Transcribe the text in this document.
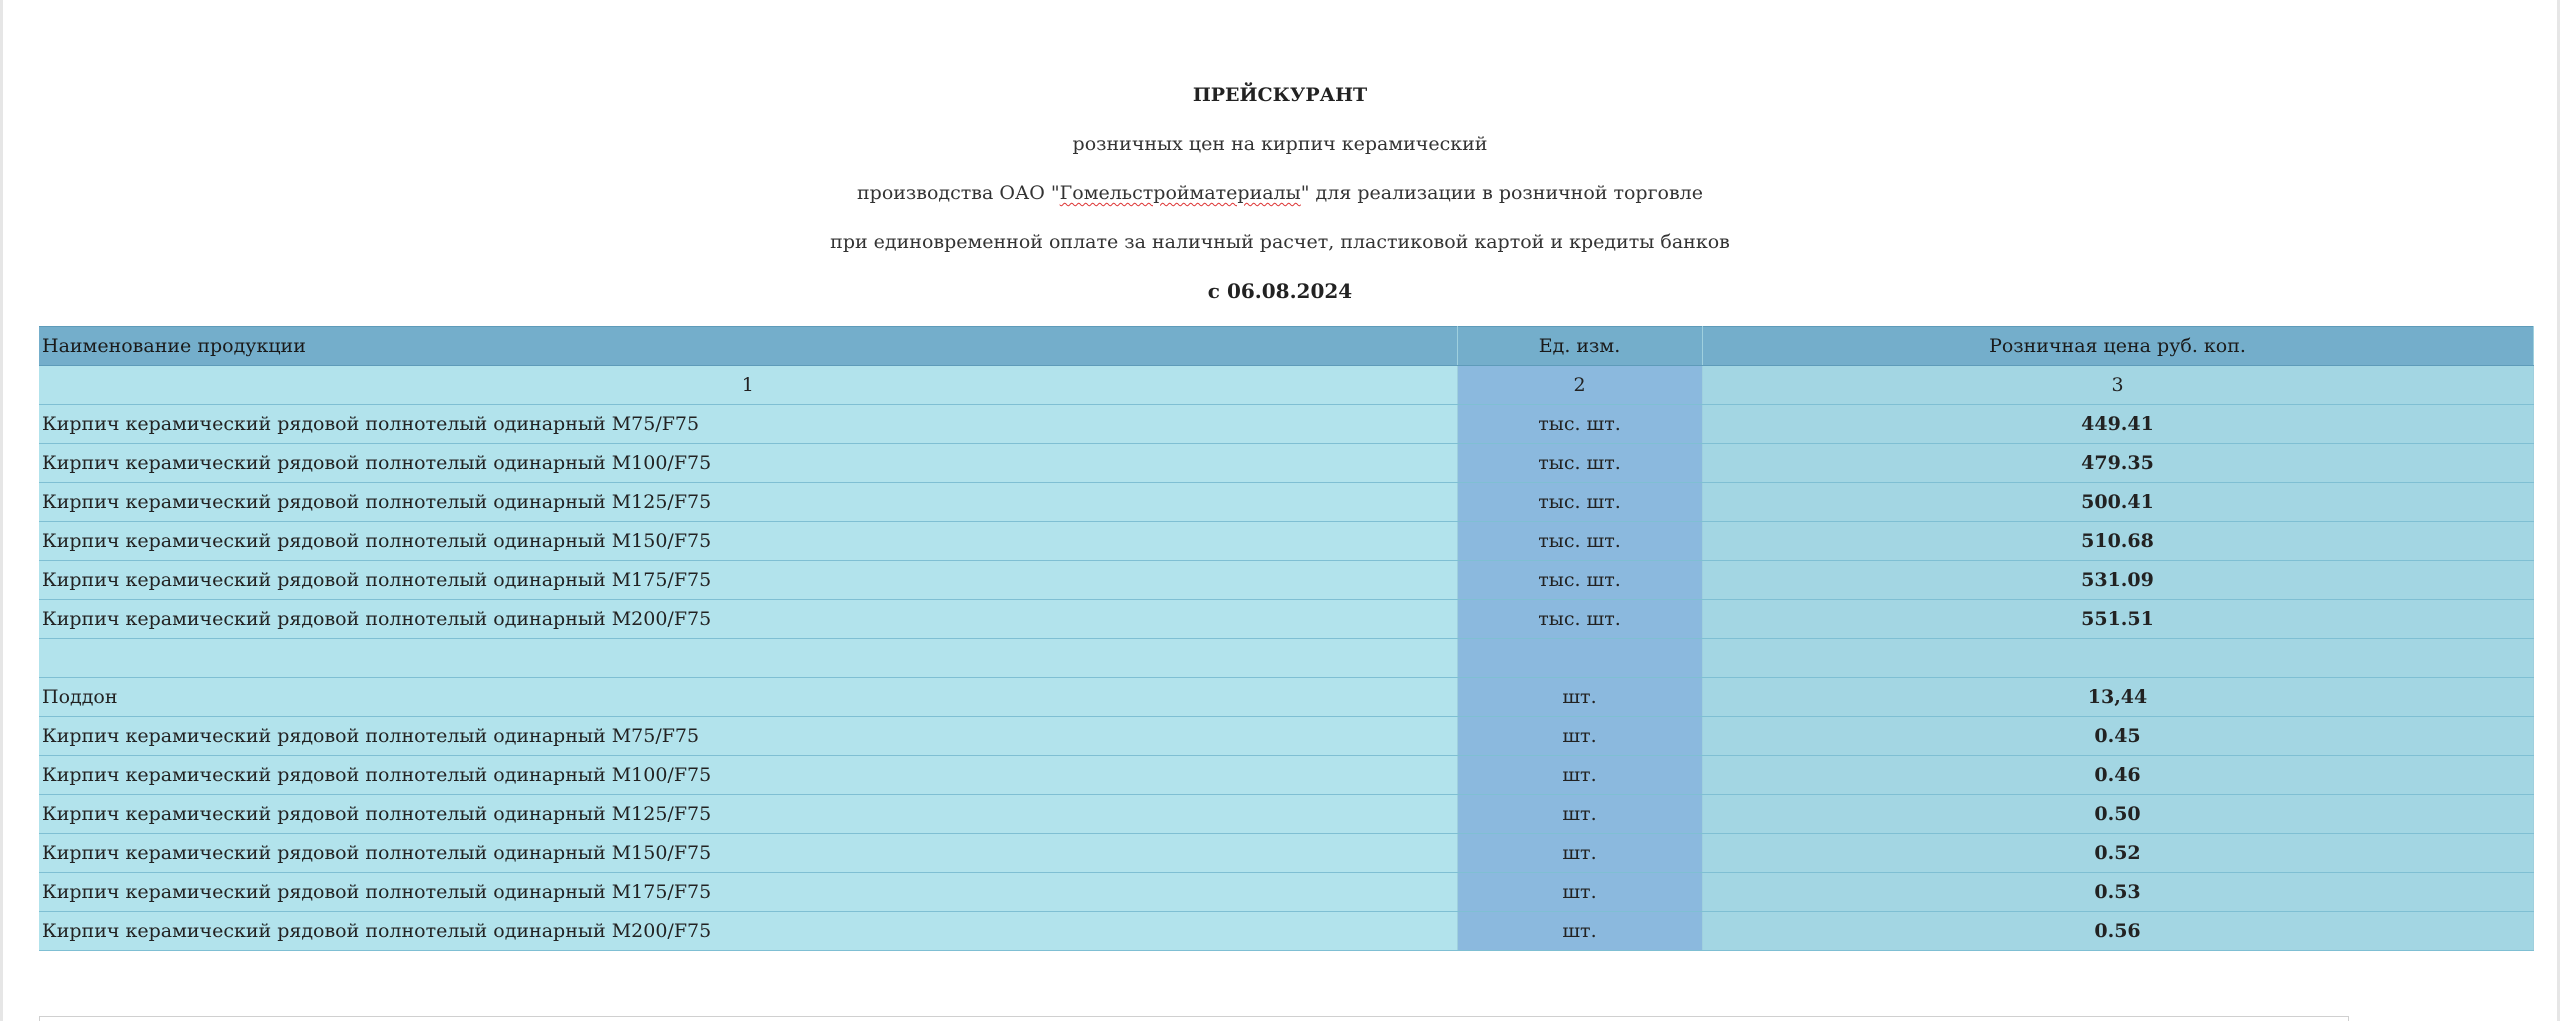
ПРЕЙСКУРАНТ
розничных цен на кирпич керамический
производства ОАО "Гомельстройматериалы" для реализации в розничной торговле
при единовременной оплате за наличный расчет, пластиковой картой и кредиты банков
с 06.08.2024
Наименование продукции	Ед. изм.	Розничная цена руб. коп.
1	2	3
Кирпич керамический рядовой полнотелый одинарный М75/F75	тыс. шт.	449.41
Кирпич керамический рядовой полнотелый одинарный М100/F75	тыс. шт.	479.35
Кирпич керамический рядовой полнотелый одинарный М125/F75	тыс. шт.	500.41
Кирпич керамический рядовой полнотелый одинарный М150/F75	тыс. шт.	510.68
Кирпич керамический рядовой полнотелый одинарный М175/F75	тыс. шт.	531.09
Кирпич керамический рядовой полнотелый одинарный М200/F75	тыс. шт.	551.51

Поддон	шт.	13,44
Кирпич керамический рядовой полнотелый одинарный М75/F75	шт.	0.45
Кирпич керамический рядовой полнотелый одинарный М100/F75	шт.	0.46
Кирпич керамический рядовой полнотелый одинарный М125/F75	шт.	0.50
Кирпич керамический рядовой полнотелый одинарный М150/F75	шт.	0.52
Кирпич керамический рядовой полнотелый одинарный М175/F75	шт.	0.53
Кирпич керамический рядовой полнотелый одинарный М200/F75	шт.	0.56
